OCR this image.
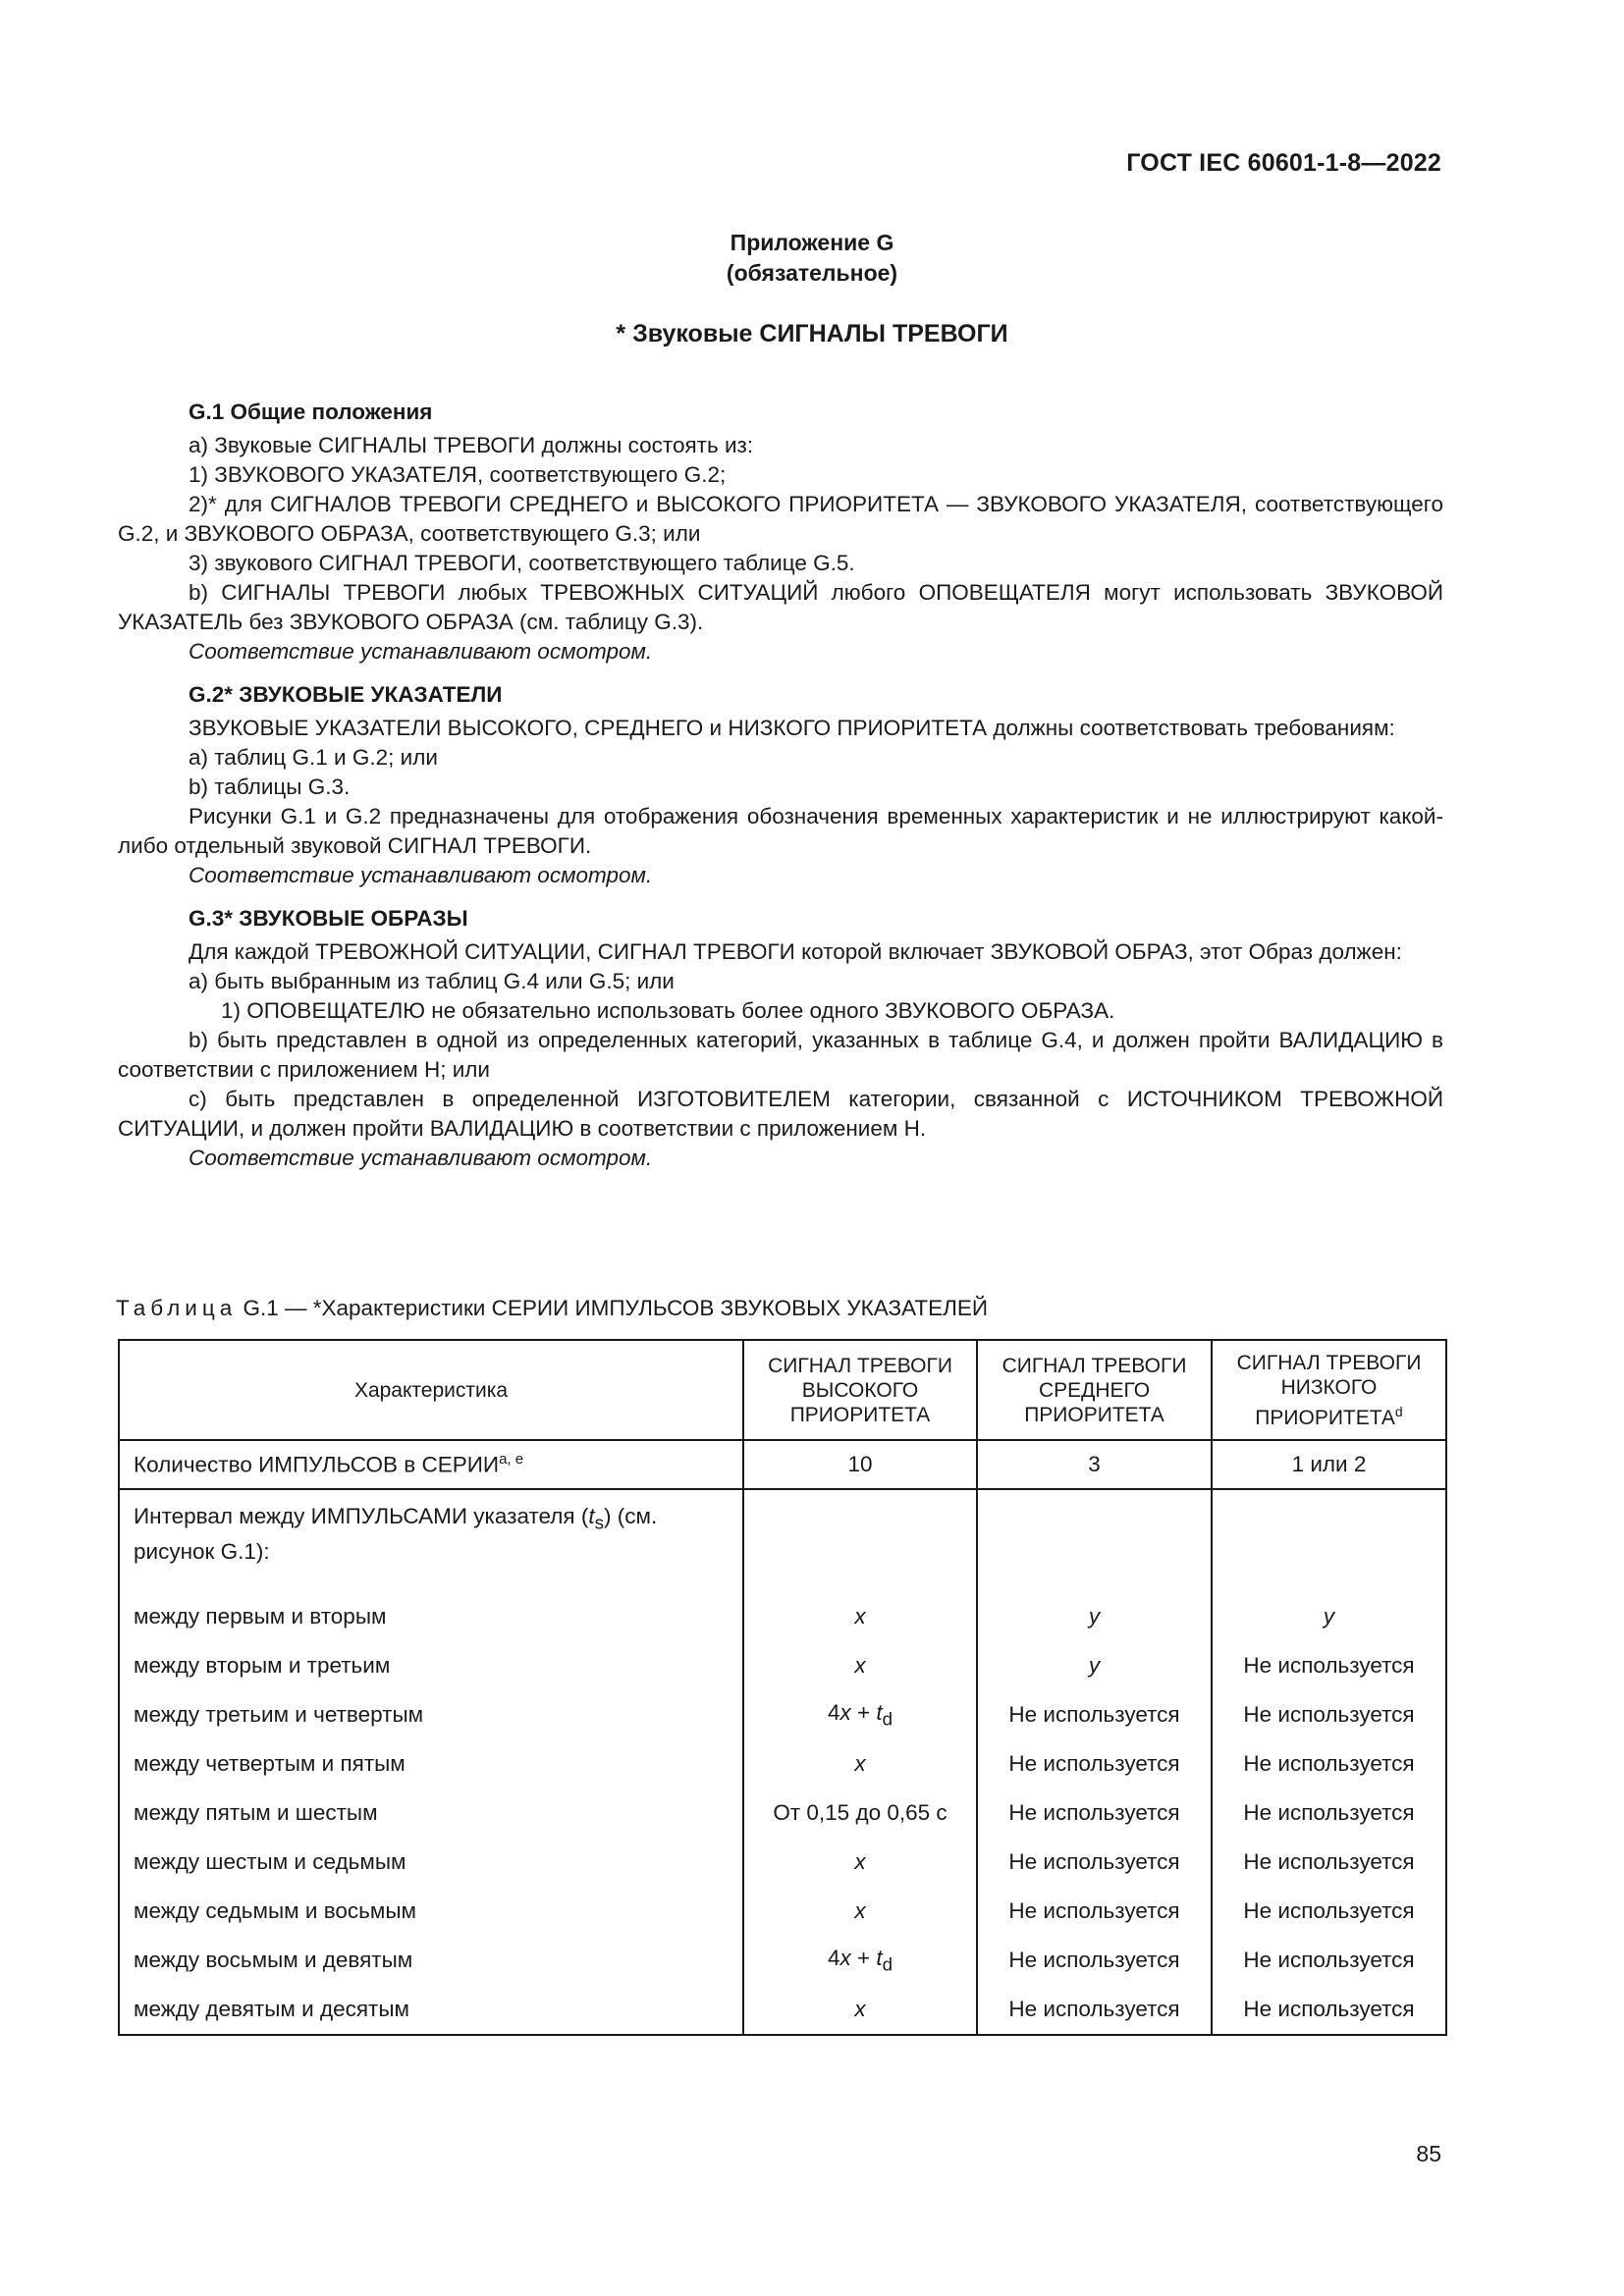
ГОСТ IEC 60601-1-8—2022
Приложение G
(обязательное)
* Звуковые СИГНАЛЫ ТРЕВОГИ

G.1 Общие положения

a) Звуковые СИГНАЛЫ ТРЕВОГИ должны состоять из:

1) ЗВУКОВОГО УКАЗАТЕЛЯ, соответствующего G.2;

2)* для СИГНАЛОВ ТРЕВОГИ СРЕДНЕГО и ВЫСОКОГО ПРИОРИТЕТА — ЗВУКОВОГО УКАЗАТЕЛЯ, соответствующего G.2, и ЗВУКОВОГО ОБРАЗА, соответствующего G.3; или

3) звукового СИГНАЛ ТРЕВОГИ, соответствующего таблице G.5.

b) СИГНАЛЫ ТРЕВОГИ любых ТРЕВОЖНЫХ СИТУАЦИЙ любого ОПОВЕЩАТЕЛЯ могут использовать ЗВУКОВОЙ УКАЗАТЕЛЬ без ЗВУКОВОГО ОБРАЗА (см. таблицу G.3).

Соответствие устанавливают осмотром.

G.2* ЗВУКОВЫЕ УКАЗАТЕЛИ

ЗВУКОВЫЕ УКАЗАТЕЛИ ВЫСОКОГО, СРЕДНЕГО и НИЗКОГО ПРИОРИТЕТА должны соответствовать требованиям:

a) таблиц G.1 и G.2; или

b) таблицы G.3.

Рисунки G.1 и G.2 предназначены для отображения обозначения временных характеристик и не иллюстрируют какой-либо отдельный звуковой СИГНАЛ ТРЕВОГИ.

Соответствие устанавливают осмотром.

G.3* ЗВУКОВЫЕ ОБРАЗЫ

Для каждой ТРЕВОЖНОЙ СИТУАЦИИ, СИГНАЛ ТРЕВОГИ которой включает ЗВУКОВОЙ ОБРАЗ, этот Образ должен:

a) быть выбранным из таблиц G.4 или G.5; или

1) ОПОВЕЩАТЕЛЮ не обязательно использовать более одного ЗВУКОВОГО ОБРАЗА.

b) быть представлен в одной из определенных категорий, указанных в таблице G.4, и должен пройти ВАЛИДАЦИЮ в соответствии с приложением H; или

c) быть представлен в определенной ИЗГОТОВИТЕЛЕМ категории, связанной с ИСТОЧНИКОМ ТРЕВОЖНОЙ СИТУАЦИИ, и должен пройти ВАЛИДАЦИЮ в соответствии с приложением H.

Соответствие устанавливают осмотром.

Таблица G.1 — *Характеристики СЕРИИ ИМПУЛЬСОВ ЗВУКОВЫХ УКАЗАТЕЛЕЙ
Характеристика	СИГНАЛ ТРЕВОГИ ВЫСОКОГО ПРИОРИТЕТА	СИГНАЛ ТРЕВОГИ СРЕДНЕГО ПРИОРИТЕТА	СИГНАЛ ТРЕВОГИ НИЗКОГО ПРИОРИТЕТА$^d$
Количество ИМПУЛЬСОВ в СЕРИИ$^{a, e}$	10	3	1 или 2
Интервал между ИМПУЛЬСАМИ указателя $(t_s)$ (см. рисунок G.1):			
между первым и вторым	x	y	y
между вторым и третьим	x	y	Не используется
между третьим и четвертым	$4x + t_d$	Не используется	Не используется
между четвертым и пятым	x	Не используется	Не используется
между пятым и шестым	От 0,15 до 0,65 с	Не используется	Не используется
между шестым и седьмым	x	Не используется	Не используется
между седьмым и восьмым	x	Не используется	Не используется
между восьмым и девятым	$4x + t_d$	Не используется	Не используется
между девятым и десятым	x	Не используется	Не используется
85
